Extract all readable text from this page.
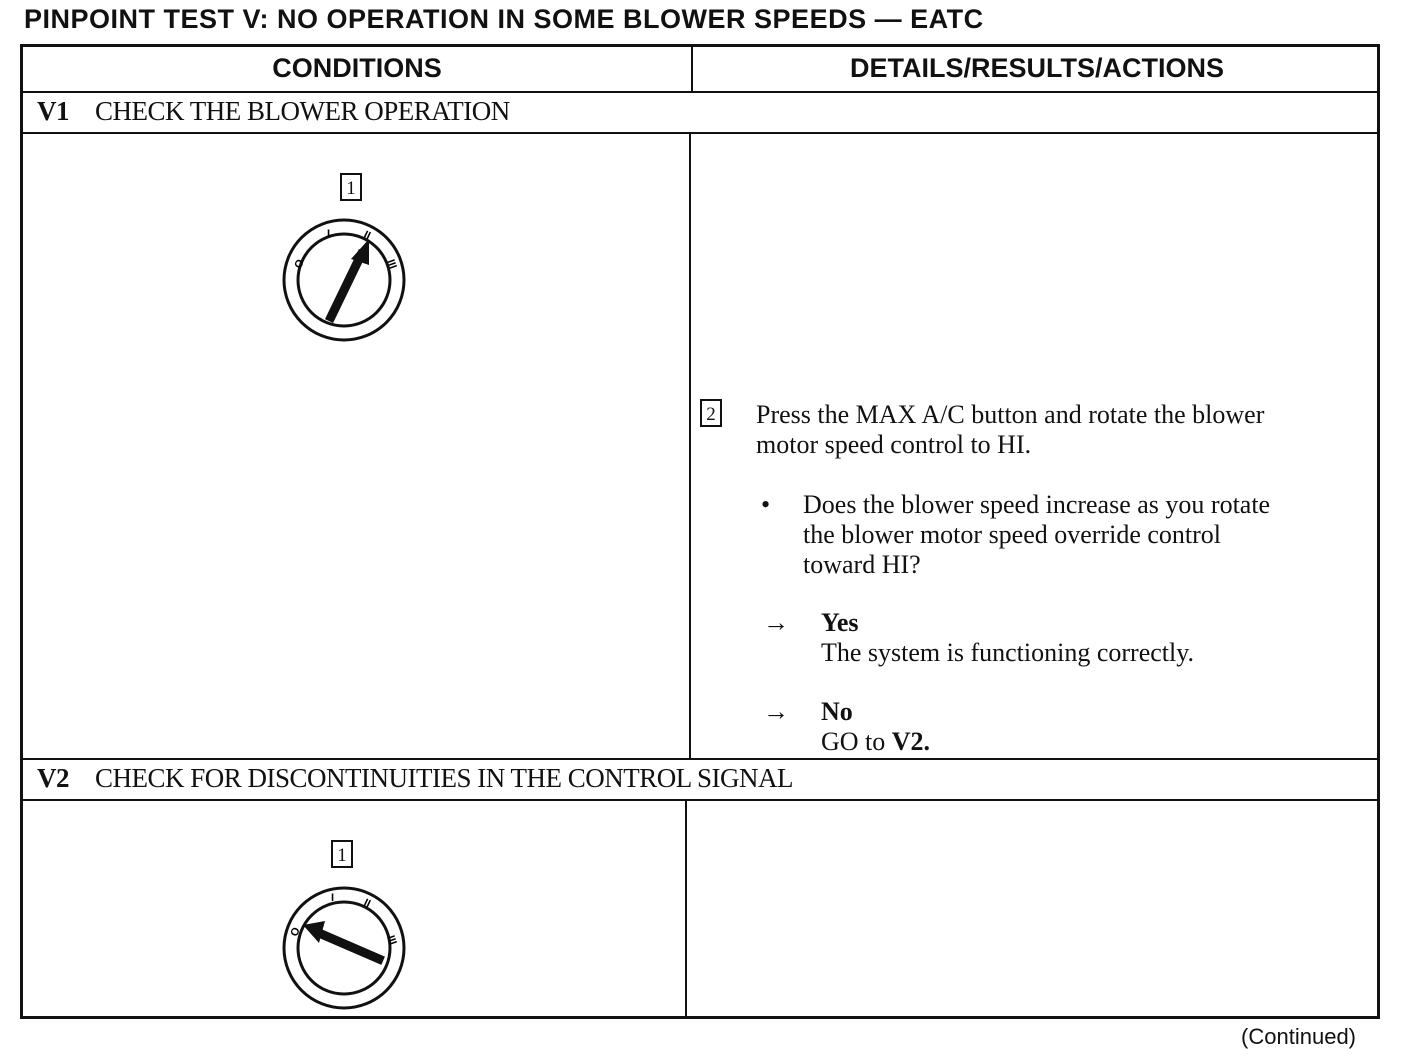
PINPOINT TEST V: NO OPERATION IN SOME BLOWER SPEEDS — EATC
CONDITIONS	DETAILS/RESULTS/ACTIONS
V1 CHECK THE BLOWER OPERATION
1
O
I	II
III
2 Press the MAX A/C button and rotate the blower
motor speed control to HI.
• Does the blower speed increase as you rotate
the blower motor speed override control
toward HI?
→ Yes
The system is functioning correctly.
→ No
GO to V2.
V2 CHECK FOR DISCONTINUITIES IN THE CONTROL SIGNAL
1
O
I	II
III
(Continued)
